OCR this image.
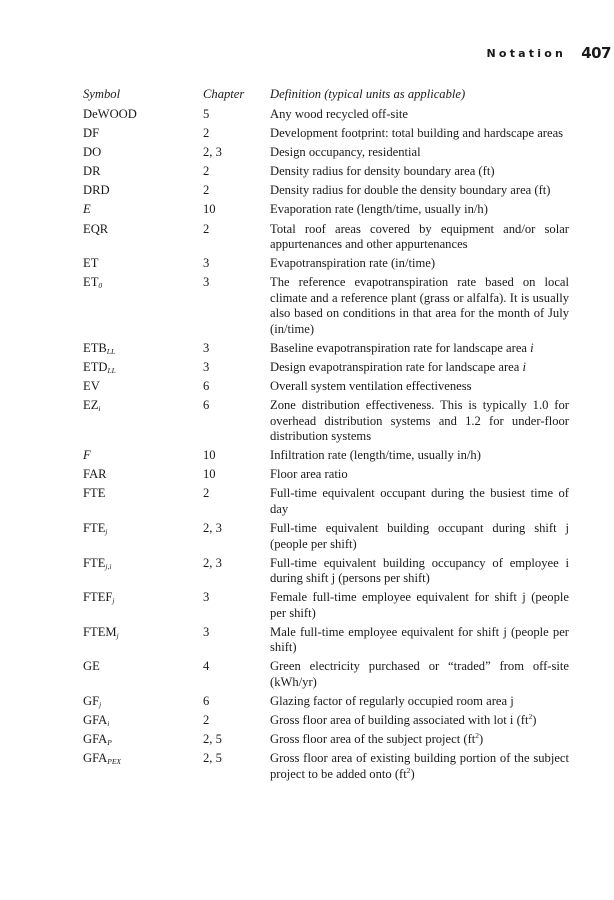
Notation 407
Symbol	Chapter	Definition (typical units as applicable)
DeWOOD	5	Any wood recycled off-site
DF	2	Development footprint: total building and hardscape areas
DO	2, 3	Design occupancy, residential
DR	2	Density radius for density boundary area (ft)
DRD	2	Density radius for double the density boundary area (ft)
E	10	Evaporation rate (length/time, usually in/h)
EQR	2	Total roof areas covered by equipment and/or solar appurtenances and other appurtenances
ET	3	Evapotranspiration rate (in/time)
$ET_0$	3	The reference evapotranspiration rate based on local climate and a reference plant (grass or alfalfa). It is usually also based on conditions in that area for the month of July (in/time)
$ETB_{LL}$	3	Baseline evapotranspiration rate for landscape area i
$ETD_{LL}$	3	Design evapotranspiration rate for landscape area i
EV	6	Overall system ventilation effectiveness
$EZ_i$	6	Zone distribution effectiveness. This is typically 1.0 for overhead distribution systems and 1.2 for under-floor distribution systems
F	10	Infiltration rate (length/time, usually in/h)
FAR	10	Floor area ratio
FTE	2	Full-time equivalent occupant during the busiest time of day
$FTE_j$	2, 3	Full-time equivalent building occupant during shift j (people per shift)
$FTE_{j,i}$	2, 3	Full-time equivalent building occupancy of employee i during shift j (persons per shift)
$FTEF_j$	3	Female full-time employee equivalent for shift j (people per shift)
$FTEM_j$	3	Male full-time employee equivalent for shift j (people per shift)
GE	4	Green electricity purchased or “traded” from off-site (kWh/yr)
$GF_j$	6	Glazing factor of regularly occupied room area j
$GFA_i$	2	Gross floor area of building associated with lot i $(ft^2)$
$GFA_P$	2, 5	Gross floor area of the subject project $(ft^2)$
$GFA_{PEX}$	2, 5	Gross floor area of existing building portion of the subject project to be added onto $(ft^2)$
